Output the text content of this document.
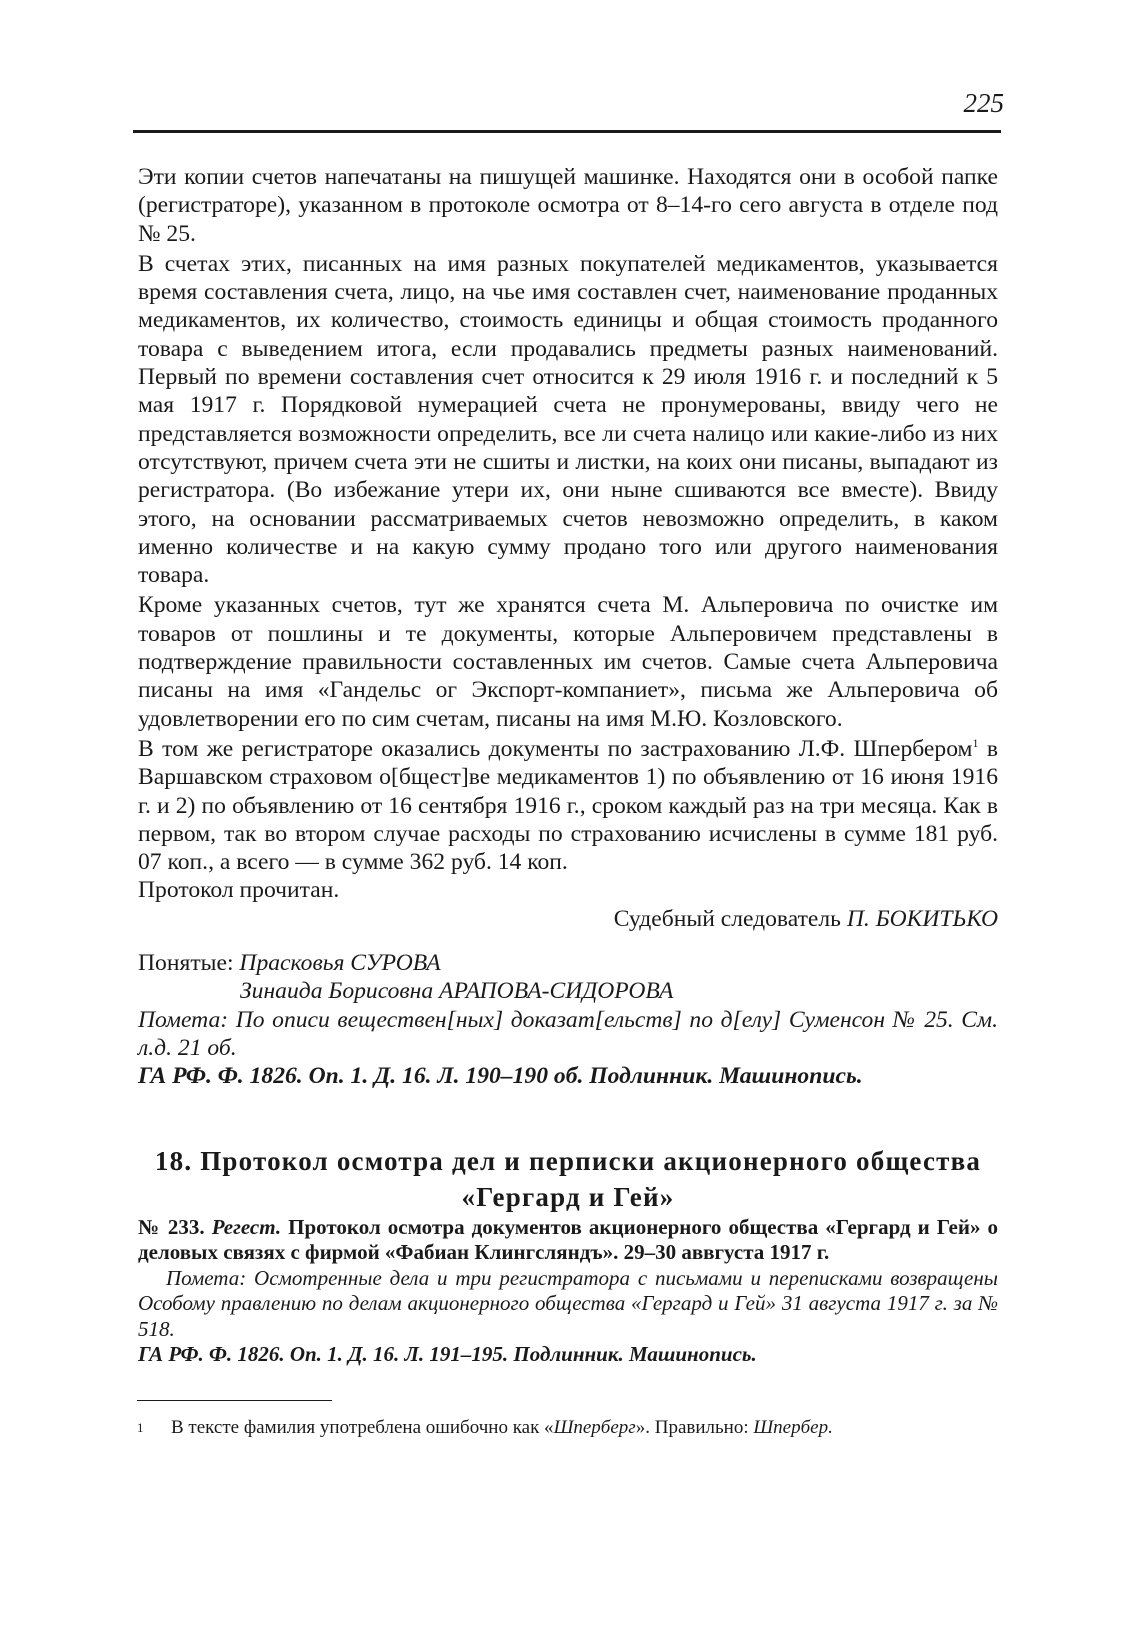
225

Эти копии счетов напечатаны на пишущей машинке. Находятся они в особой папке (регистраторе), указанном в протоколе осмотра от 8–14-го сего августа в отделе под № 25.

В счетах этих, писанных на имя разных покупателей медикаментов, указывается время составления счета, лицо, на чье имя составлен счет, наименование проданных медикаментов, их количество, стоимость единицы и общая стоимость проданного товара с выведением итога, если продавались предметы разных наименований. Первый по времени составления счет относится к 29 июля 1916 г. и последний к 5 мая 1917 г. Порядковой нумерацией счета не пронумерованы, ввиду чего не представляется возможности определить, все ли счета налицо или какие-либо из них отсутствуют, причем счета эти не сшиты и листки, на коих они писаны, выпадают из регистратора. (Во избежание утери их, они ныне сшиваются все вместе). Ввиду этого, на основании рассматриваемых счетов невозможно определить, в каком именно количестве и на какую сумму продано того или другого наименования товара.

Кроме указанных счетов, тут же хранятся счета М. Альперовича по очистке им товаров от пошлины и те документы, которые Альперовичем представлены в подтверждение правильности составленных им счетов. Самые счета Альперовича писаны на имя «Гандельс ог Экспорт-компаниет», письма же Альперовича об удовлетворении его по сим счетам, писаны на имя М.Ю. Козловского.

В том же регистраторе оказались документы по застрахованию Л.Ф. Шпербером$^1$ в Варшавском страховом о[бщест]ве медикаментов 1) по объявлению от 16 июня 1916 г. и 2) по объявлению от 16 сентября 1916 г., сроком каждый раз на три месяца. Как в первом, так во втором случае расходы по страхованию исчислены в сумме 181 руб. 07 коп., а всего — в сумме 362 руб. 14 коп.

Протокол прочитан.

Судебный следователь П. БОКИТЬКО

Понятые: Прасковья СУРОВА
Зинаида Борисовна АРАПОВА-СИДОРОВА

Помета: По описи веществен[ных] доказат[ельств] по д[елу] Суменсон № 25. См. л.д. 21 об.

ГА РФ. Ф. 1826. Оп. 1. Д. 16. Л. 190–190 об. Подлинник. Машинопись.

18. Протокол осмотра дел и перписки акционерного общества
«Гергард и Гей»

№ 233. Регест. Протокол осмотра документов акционерного общества «Гергард и Гей» о деловых связях с фирмой «Фабиан Клингсляндъ». 29–30 аввгуста 1917 г.

Помета: Осмотренные дела и три регистратора с письмами и переписками возвращены Особому правлению по делам акционерного общества «Гергард и Гей» 31 августа 1917 г. за № 518.

ГА РФ. Ф. 1826. Оп. 1. Д. 16. Л. 191–195. Подлинник. Машинопись.

1 В тексте фамилия употреблена ошибочно как «Шперберг». Правильно: Шпербер.
